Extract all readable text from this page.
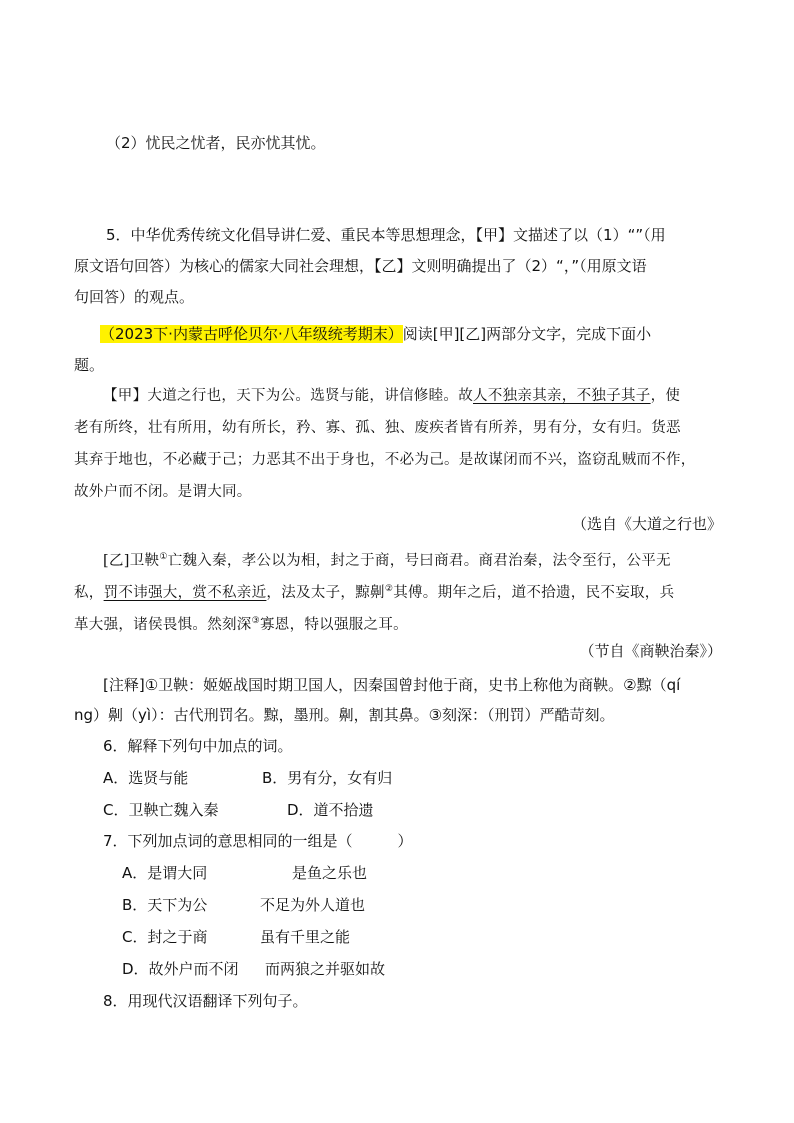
（2）忧民之忧者，民亦忧其忧。
5．中华优秀传统文化倡导讲仁爱、重民本等思想理念，【甲】文描述了以（1）“”（用
原文语句回答）为核心的儒家大同社会理想，【乙】文则明确提出了（2）“，”（用原文语
句回答）的观点。
（2023下·内蒙古呼伦贝尔·八年级统考期末）阅读[甲][乙]两部分文字，完成下面小
题。
【甲】大道之行也，天下为公。选贤与能，讲信修睦。故人不独亲其亲，不独子其子，使
老有所终，壮有所用，幼有所长，矜、寡、孤、独、废疾者皆有所养，男有分，女有归。货恶
其弃于地也，不必藏于己；力恶其不出于身也，不必为己。是故谋闭而不兴，盗窃乱贼而不作，
故外户而不闭。是谓大同。
（选自《大道之行也》
[乙]卫鞅①亡魏入秦，孝公以为相，封之于商，号曰商君。商君治秦，法令至行，公平无
私，罚不讳强大，赏不私亲近，法及太子，黥劓②其傅。期年之后，道不拾遗，民不妄取，兵
革大强，诸侯畏惧。然刻深③寡恩，特以强服之耳。
（节自《商鞅治秦》）
[注释]①卫鞅：姬姬战国时期卫国人，因秦国曾封他于商，史书上称他为商鞅。②黥（qí
ng）劓（yì）：古代刑罚名。黥，墨刑。劓，割其鼻。③刻深：（刑罚）严酷苛刻。
6．解释下列句中加点的词。
A．选贤与能	B．男有分，女有归
C．卫鞅亡魏入秦	D．道不拾遗
7．下列加点词的意思相同的一组是（　　　）
A．是谓大同	是鱼之乐也
B．天下为公	不足为外人道也
C．封之于商	虽有千里之能
D．故外户而不闭 而两狼之并驱如故
8．用现代汉语翻译下列句子。
